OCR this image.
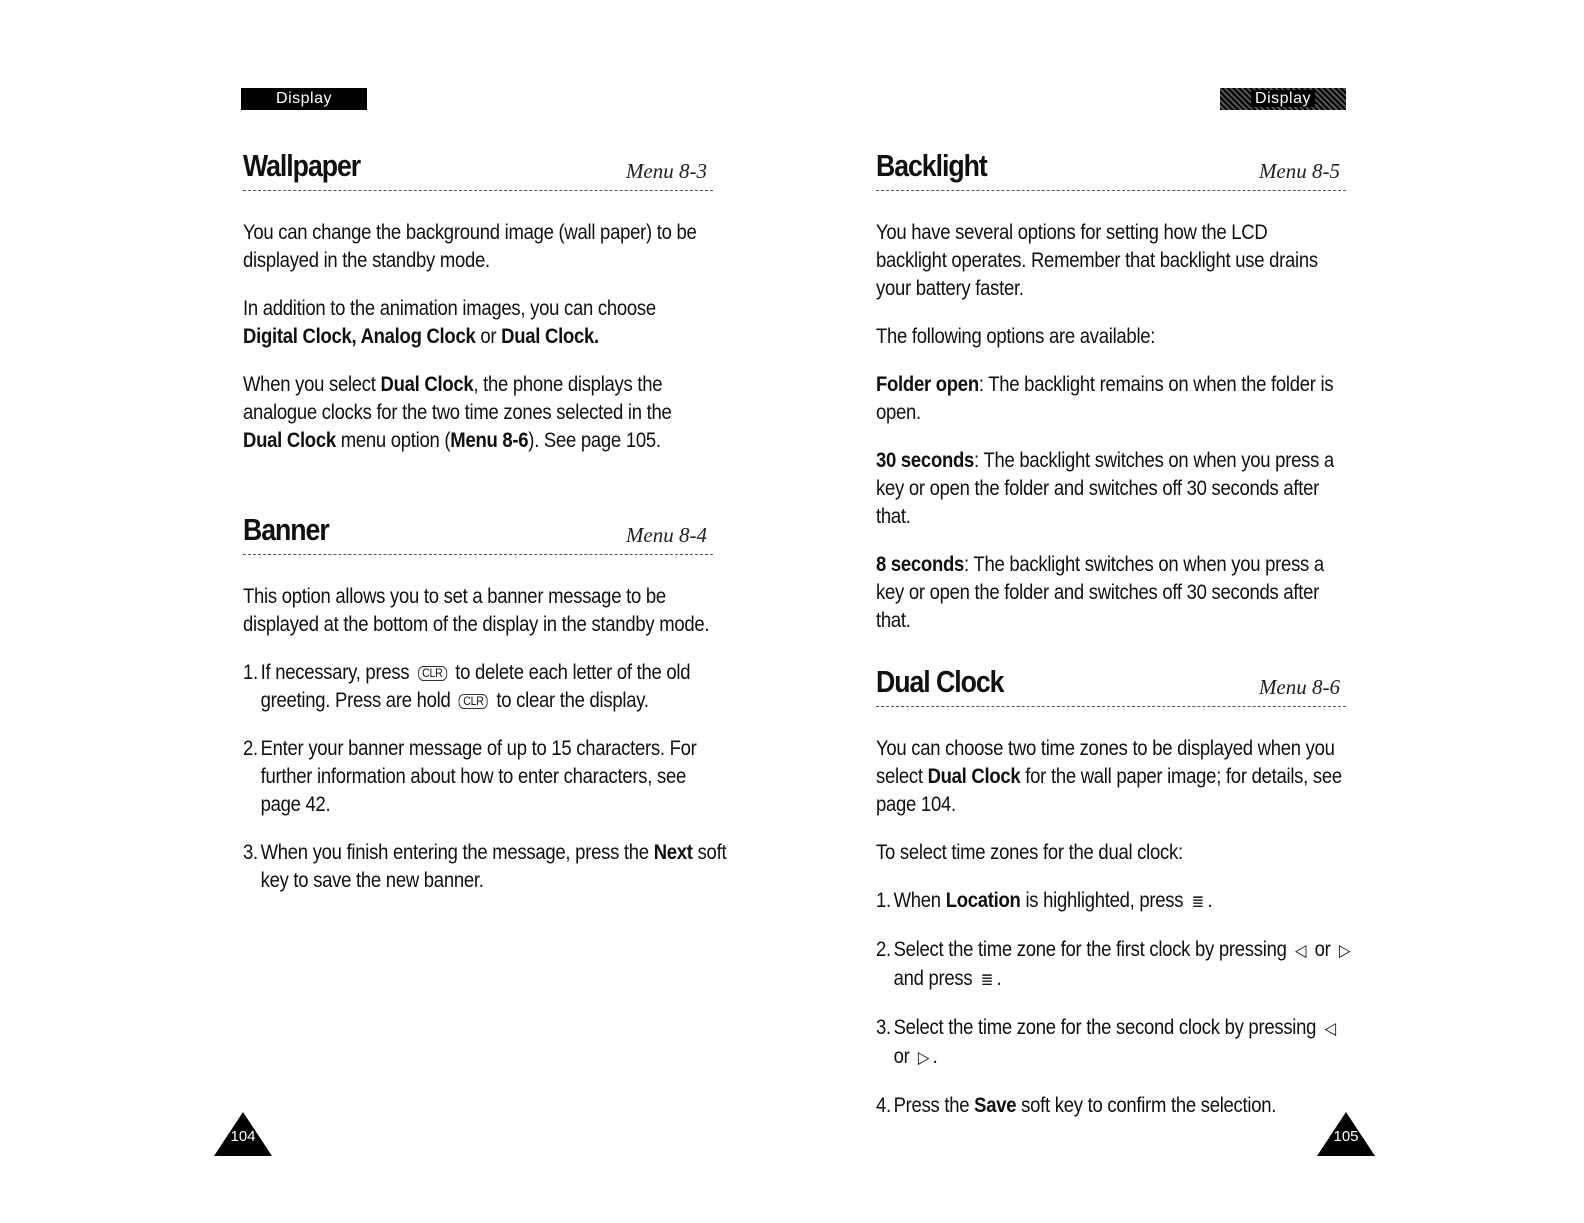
Display
Wallpaper	Menu 8-3

You can change the background image (wall paper) to be displayed in the standby mode.

In addition to the animation images, you can choose Digital Clock, Analog Clock or Dual Clock.

When you select Dual Clock, the phone displays the analogue clocks for the two time zones selected in the Dual Clock menu option (Menu 8-6). See page 105.

Banner	Menu 8-4

This option allows you to set a banner message to be displayed at the bottom of the display in the standby mode.

1. If necessary, press CLR to delete each letter of the old greeting. Press are hold CLR to clear the display.

2. Enter your banner message of up to 15 characters. For further information about how to enter characters, see page 42.

3. When you finish entering the message, press the Next soft key to save the new banner.

104
Display
Backlight	Menu 8-5

You have several options for setting how the LCD backlight operates. Remember that backlight use drains your battery faster.

The following options are available:

Folder open: The backlight remains on when the folder is open.

30 seconds: The backlight switches on when you press a key or open the folder and switches off 30 seconds after that.

8 seconds: The backlight switches on when you press a key or open the folder and switches off 30 seconds after that.

Dual Clock	Menu 8-6

You can choose two time zones to be displayed when you select Dual Clock for the wall paper image; for details, see page 104.

To select time zones for the dual clock:

1. When Location is highlighted, press ≣ .

2. Select the time zone for the first clock by pressing ◁ or ▷ and press ≣ .

3. Select the time zone for the second clock by pressing ◁ or ▷ .

4. Press the Save soft key to confirm the selection.

105
